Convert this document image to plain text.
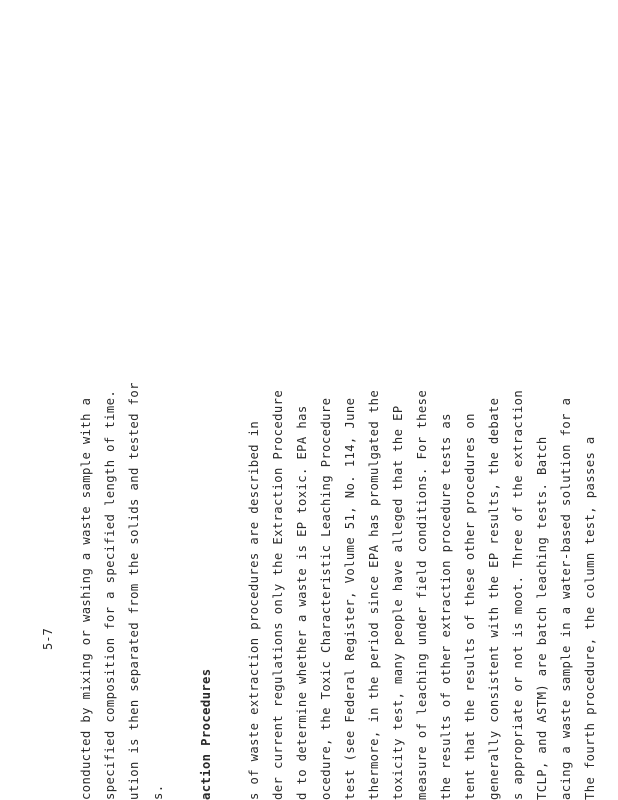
5-7 conducted by mixing or washing a waste sample with a specified composition for a specified length of time. ution is then separated from the solids and tested for s.	action Procedures	s of waste extraction procedures are described in der current regulations only the Extraction Procedure d to determine whether a waste is EP toxic. EPA has ocedure, the Toxic Characteristic Leaching Procedure test (see Federal Register, Volume 51, No. 114, June thermore, in the period since EPA has promulgated the toxicity test, many people have alleged that the EP measure of leaching under field conditions. For these the results of other extraction procedure tests as tent that the results of these other procedures on generally consistent with the EP results, the debate s appropriate or not is moot. Three of the extraction TCLP, and ASTM) are batch leaching tests. Batch acing a waste sample in a water-based solution for a The fourth procedure, the column test, passes a
